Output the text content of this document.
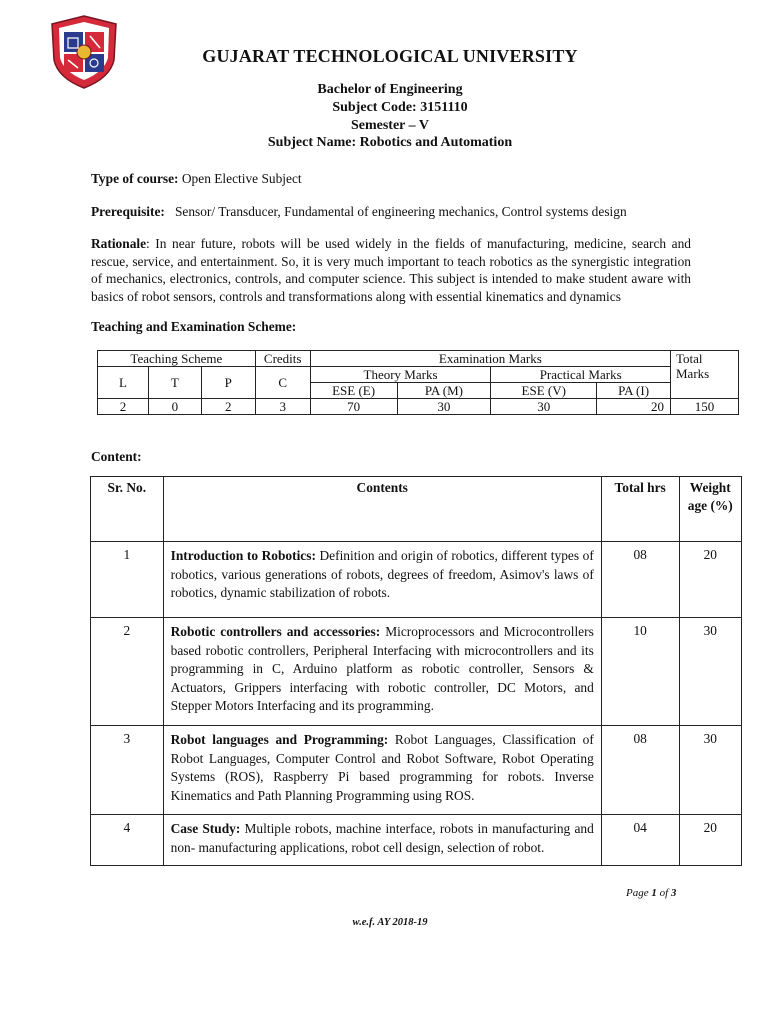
GUJARAT TECHNOLOGICAL UNIVERSITY
Bachelor of Engineering
Subject Code: 3151110
Semester – V
Subject Name: Robotics and Automation
Type of course: Open Elective Subject
Prerequisite: Sensor/ Transducer, Fundamental of engineering mechanics, Control systems design
Rationale: In near future, robots will be used widely in the fields of manufacturing, medicine, search and rescue, service, and entertainment. So, it is very much important to teach robotics as the synergistic integration of mechanics, electronics, controls, and computer science. This subject is intended to make student aware with basics of robot sensors, controls and transformations along with essential kinematics and dynamics
Teaching and Examination Scheme:
Teaching Scheme			Credits	Examination Marks				Total Marks
L	T	P	C	Theory Marks		Practical Marks		
				ESE (E)	PA (M)	ESE (V)	PA (I)	
2	0	2	3	70	30	30	20	150
Content:
Sr. No.	Contents	Total hrs	Weight age (%)
1	Introduction to Robotics: Definition and origin of robotics, different types of robotics, various generations of robots, degrees of freedom, Asimov's laws of robotics, dynamic stabilization of robots.	08	20
2	Robotic controllers and accessories: Microprocessors and Microcontrollers based robotic controllers, Peripheral Interfacing with microcontrollers and its programming in C, Arduino platform as robotic controller, Sensors & Actuators, Grippers interfacing with robotic controller, DC Motors, and Stepper Motors Interfacing and its programming.	10	30
3	Robot languages and Programming: Robot Languages, Classification of Robot Languages, Computer Control and Robot Software, Robot Operating Systems (ROS), Raspberry Pi based programming for robots. Inverse Kinematics and Path Planning Programming using ROS.	08	30
4	Case Study: Multiple robots, machine interface, robots in manufacturing and non- manufacturing applications, robot cell design, selection of robot.	04	20
Page 1 of 3
w.e.f. AY 2018-19
